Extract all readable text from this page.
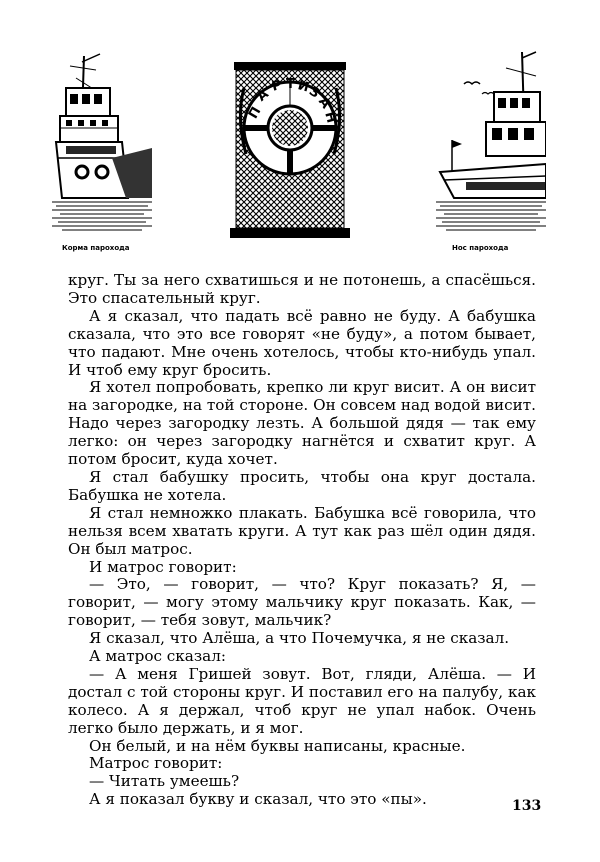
П
А
Р Т И
З
А
Н
Корма парохода	Нос парохода

круг. Ты за него схватишься и не потонешь, а спасёшься. Это спасательный круг.

А я сказал, что падать всё равно не буду. А бабушка сказала, что это все говорят «не буду», а потом бывает, что падают. Мне очень хотелось, чтобы кто-нибудь упал. И чтоб ему круг бросить.

Я хотел попробовать, крепко ли круг висит. А он висит на загородке, на той стороне. Он совсем над водой висит. Надо через загородку лезть. А большой дядя — так ему легко: он через загородку нагнётся и схватит круг. А потом бросит, куда хочет.

Я стал бабушку просить, чтобы она круг достала. Бабушка не хотела.

Я стал немножко плакать. Бабушка всё говорила, что нельзя всем хватать круги. А тут как раз шёл один дядя. Он был матрос.

И матрос говорит:

— Это, — говорит, — что? Круг показать? Я, — говорит, — могу этому мальчику круг показать. Как, — говорит, — тебя зовут, мальчик?

Я сказал, что Алёша, а что Почемучка, я не сказал.

А матрос сказал:

— А меня Гришей зовут. Вот, гляди, Алёша. — И достал с той стороны круг. И поставил его на палубу, как колесо. А я держал, чтоб круг не упал набок. Очень легко было держать, и я мог.

Он белый, и на нём буквы написаны, красные.

Матрос говорит:

— Читать умеешь?

А я показал букву и сказал, что это «пы».	133
